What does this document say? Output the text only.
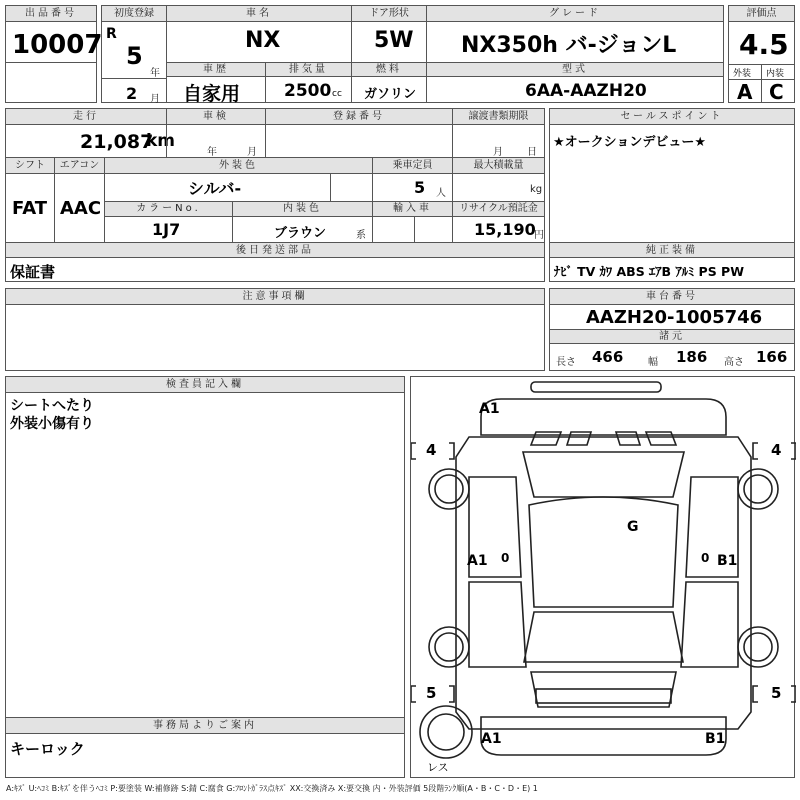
出品番号
10007
初度登録
R
5
年
2 月
車名
NX
ドア形状
5W
グレード
NX350h バ-ジョンL
評価点
4.5
外装 内装
A C
車歴
自家用
排気量
2500 cc
燃料
ガソリン
型式
6AA-AAZH20
走行
21,087
km
車検
年	月
登録番号	譲渡書類期限
月 日
シフト	エアコン	外装色	乗車定員	最大積載量
FAT AAC
シルバ-	5 人	kg
カラーNo.	内装色	輸入車	リサイクル預託金
1J7	ブラウン	系	15,190
円
後日発送部品
保証書
セールスポイント
★オークションデビュー★
純正装備
ﾅﾋﾞ TV ｶﾜ ABS ｴｱB ｱﾙﾐ PS PW
注意事項欄	車台番号
AAZH20-1005746
諸元
長さ 466 幅 186 高さ 166
検査員記入欄
シートへたり
外装小傷有り
事務局よりご案内
キーロック
4	4
5	5
A1
A1 0	B1
0
G
A1	B1
レス
A:ｷｽﾞ U:ﾍｺﾐ B:ｷｽﾞを伴うﾍｺﾐ P:要塗装 W:補修跡 S:錆 C:腐食 G:ﾌﾛﾝﾄｶﾞﾗｽ点ｷｽﾞ XX:交換済み X:要交換 内・外装評価 5段階ﾗﾝｸ順(A・B・C・D・E) 1
